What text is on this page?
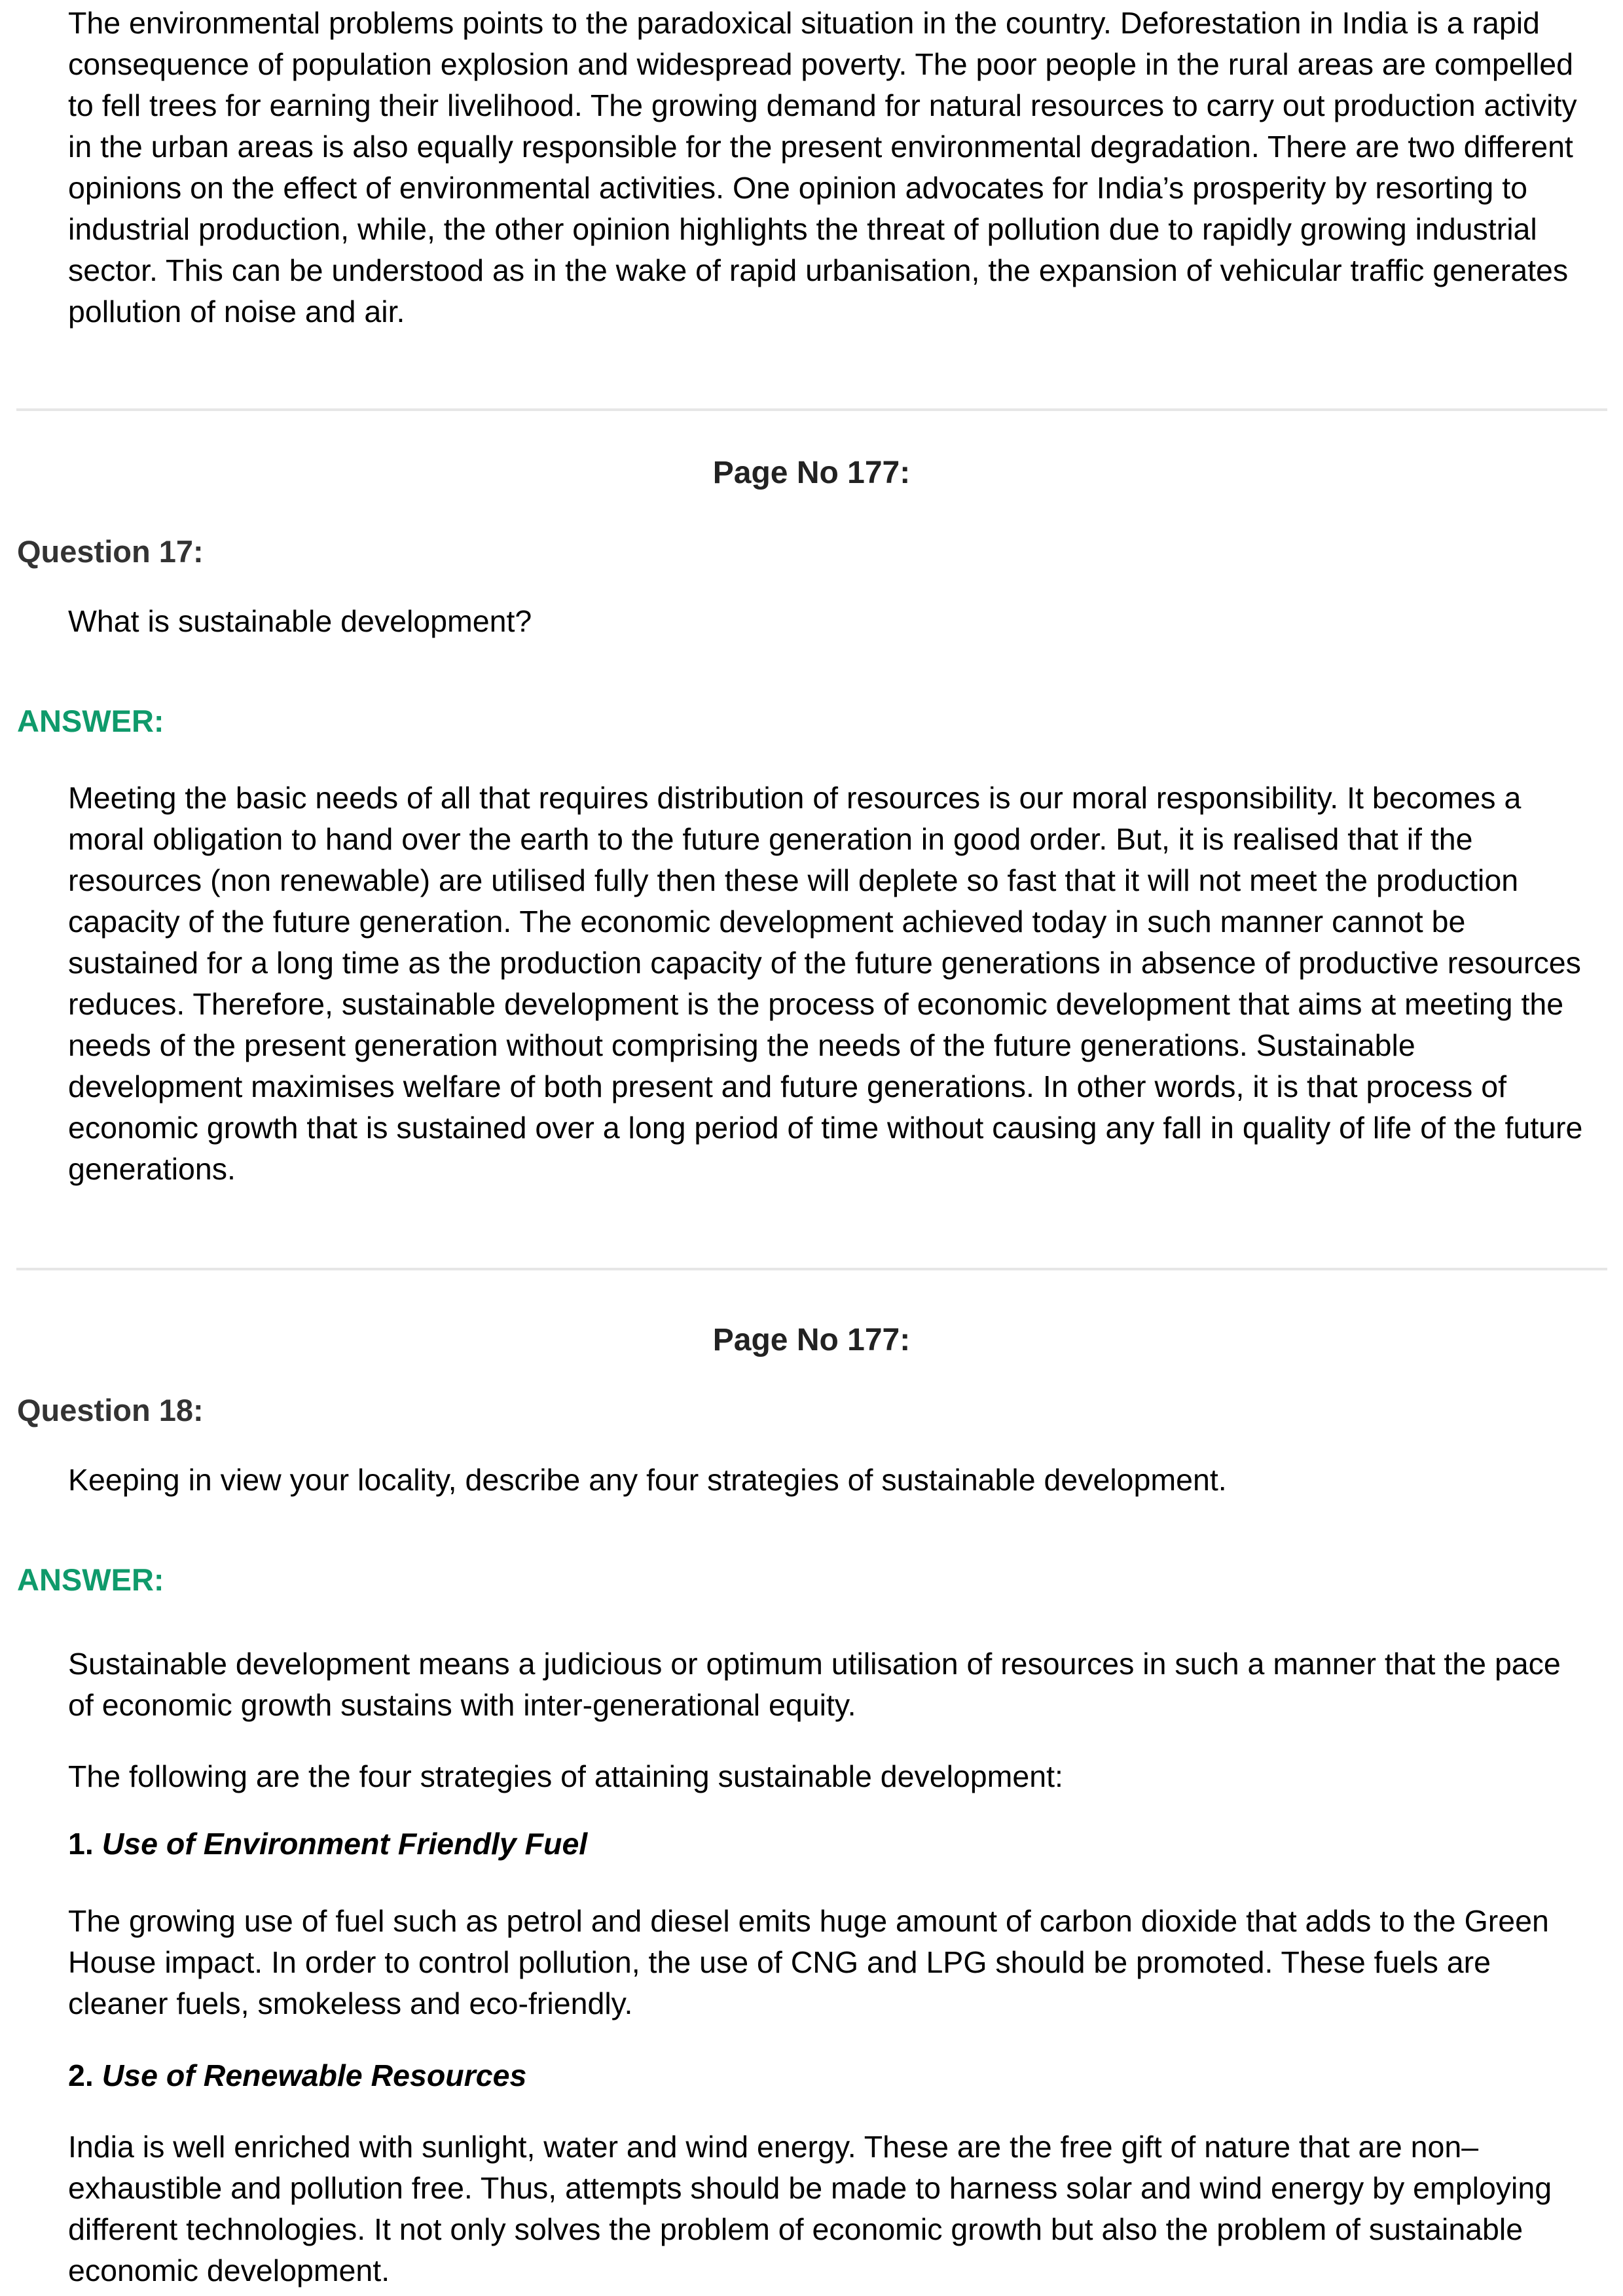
The environmental problems points to the paradoxical situation in the country. Deforestation in India is a rapid
consequence of population explosion and widespread poverty. The poor people in the rural areas are compelled
to fell trees for earning their livelihood. The growing demand for natural resources to carry out production activity
in the urban areas is also equally responsible for the present environmental degradation. There are two different
opinions on the effect of environmental activities. One opinion advocates for India’s prosperity by resorting to
industrial production, while, the other opinion highlights the threat of pollution due to rapidly growing industrial
sector. This can be understood as in the wake of rapid urbanisation, the expansion of vehicular traffic generates
pollution of noise and air.
Page No 177:
Question 17:
What is sustainable development?
ANSWER:
Meeting the basic needs of all that requires distribution of resources is our moral responsibility. It becomes a
moral obligation to hand over the earth to the future generation in good order. But, it is realised that if the
resources (non renewable) are utilised fully then these will deplete so fast that it will not meet the production
capacity of the future generation. The economic development achieved today in such manner cannot be
sustained for a long time as the production capacity of the future generations in absence of productive resources
reduces. Therefore, sustainable development is the process of economic development that aims at meeting the
needs of the present generation without comprising the needs of the future generations. Sustainable
development maximises welfare of both present and future generations. In other words, it is that process of
economic growth that is sustained over a long period of time without causing any fall in quality of life of the future
generations.
Page No 177:
Question 18:
Keeping in view your locality, describe any four strategies of sustainable development.
ANSWER:
Sustainable development means a judicious or optimum utilisation of resources in such a manner that the pace
of economic growth sustains with inter-generational equity.
The following are the four strategies of attaining sustainable development:
1. Use of Environment Friendly Fuel
The growing use of fuel such as petrol and diesel emits huge amount of carbon dioxide that adds to the Green
House impact. In order to control pollution, the use of CNG and LPG should be promoted. These fuels are
cleaner fuels, smokeless and eco-friendly.
2. Use of Renewable Resources
India is well enriched with sunlight, water and wind energy. These are the free gift of nature that are non–
exhaustible and pollution free. Thus, attempts should be made to harness solar and wind energy by employing
different technologies. It not only solves the problem of economic growth but also the problem of sustainable
economic development.
